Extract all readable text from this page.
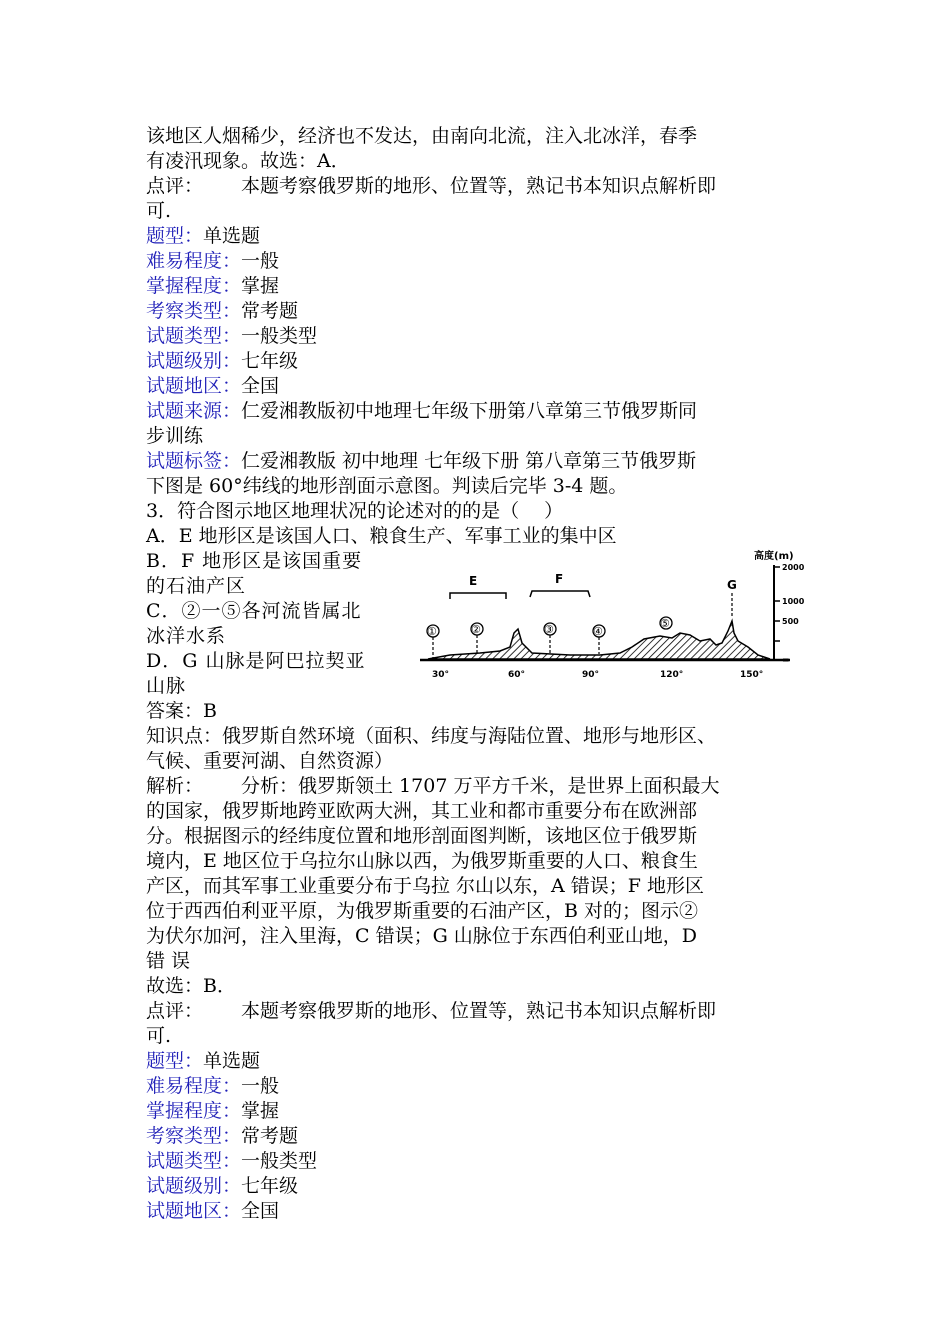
该地区人烟稀少，经济也不发达，由南向北流，注入北冰洋，春季
有凌汛现象。故选：A．
点评： 本题考察俄罗斯的地形、位置等，熟记书本知识点解析即
可.
题型：单选题
难易程度：一般
掌握程度：掌握
考察类型：常考题
试题类型：一般类型
试题级别：七年级
试题地区：全国
试题来源：仁爱湘教版初中地理七年级下册第八章第三节俄罗斯同
步训练
试题标签：仁爱湘教版 初中地理 七年级下册 第八章第三节俄罗斯
下图是 60°纬线的地形剖面示意图。判读后完毕 3-4 题。
3．符合图示地区地理状况的论述对的的是（　 ）
A．E 地形区是该国人口、粮食生产、军事工业的集中区
B．F 地形区是该国重要
的石油产区
C．②一⑤各河流皆属北
冰洋水系
D．G 山脉是阿巴拉契亚
山脉	30°	60°	90°	120°	150°
高度(m)
2000
1000
500
=
E	F	G
①	②	③	④
⑤
答案：B
知识点：俄罗斯自然环境（面积、纬度与海陆位置、地形与地形区、
气候、重要河湖、自然资源）
解析： 分析：俄罗斯领土 1707 万平方千米，是世界上面积最大
的国家，俄罗斯地跨亚欧两大洲，其工业和都市重要分布在欧洲部
分。根据图示的经纬度位置和地形剖面图判断，该地区位于俄罗斯
境内，E 地区位于乌拉尔山脉以西，为俄罗斯重要的人口、粮食生
产区，而其军事工业重要分布于乌拉 尔山以东，A 错误；F 地形区
位于西西伯利亚平原，为俄罗斯重要的石油产区，B 对的；图示②
为伏尔加河，注入里海，C 错误；G 山脉位于东西伯利亚山地，D
错 误
故选：B．
点评： 本题考察俄罗斯的地形、位置等，熟记书本知识点解析即
可.
题型：单选题
难易程度：一般
掌握程度：掌握
考察类型：常考题
试题类型：一般类型
试题级别：七年级
试题地区：全国
